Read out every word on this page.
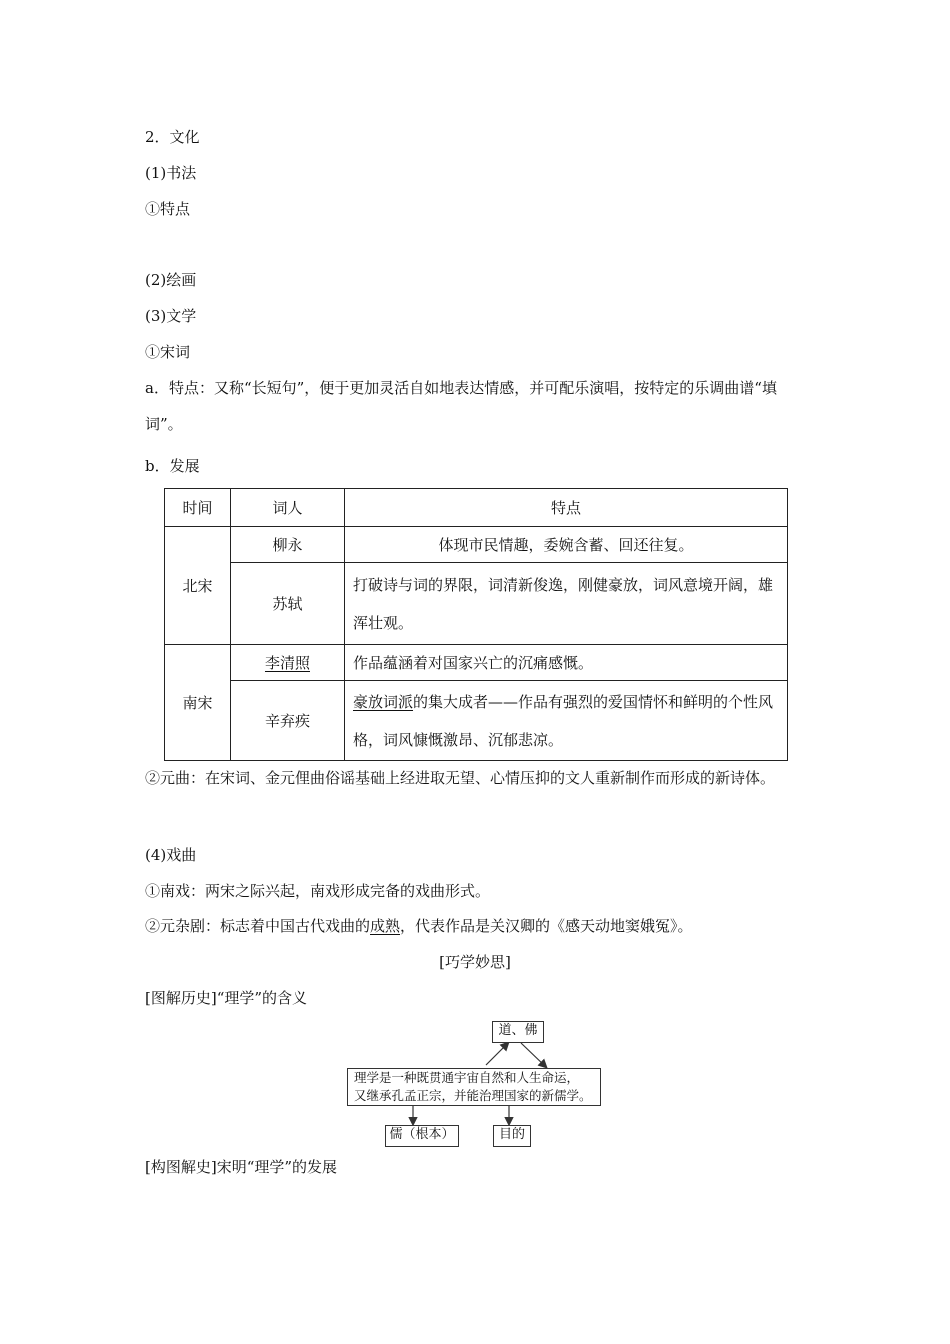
2．文化
(1)书法
①特点
(2)绘画
(3)文学
①宋词
a．特点：又称“长短句”，便于更加灵活自如地表达情感，并可配乐演唱，按特定的乐调曲谱“填词”。
b．发展
时间	词人	特点
北宋	柳永	体现市民情趣，委婉含蓄、回还往复。
	苏轼	打破诗与词的界限，词清新俊逸，刚健豪放，词风意境开阔，雄浑壮观。
南宋	李清照	作品蕴涵着对国家兴亡的沉痛感慨。
	辛弃疾	豪放词派的集大成者——作品有强烈的爱国情怀和鲜明的个性风格，词风慷慨激昂、沉郁悲凉。
②元曲：在宋词、金元俚曲俗谣基础上经进取无望、心情压抑的文人重新制作而形成的新诗体。
(4)戏曲
①南戏：两宋之际兴起，南戏形成完备的戏曲形式。
②元杂剧：标志着中国古代戏曲的成熟，代表作品是关汉卿的《感天动地窦娥冤》。
[巧学妙思]
[图解历史]“理学”的含义
道、佛
理学是一种既贯通宇宙自然和人生命运，
又继承孔孟正宗，并能治理国家的新儒学。
儒（根本）	目的
[构图解史]宋明“理学”的发展
